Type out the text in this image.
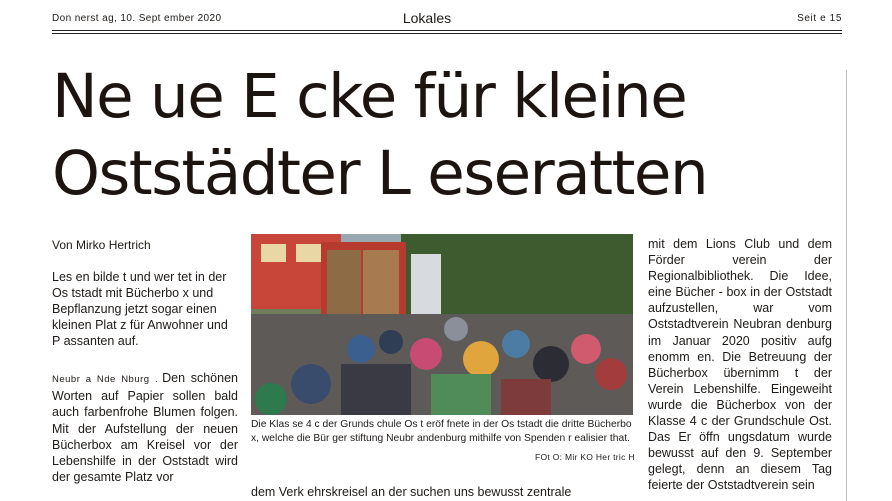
Don nerst ag, 10. Sept ember 2020	Lokales	Seit e 15
Ne ue E cke für kleine Oststädter L eseratten
Von Mirko Hertrich

Les en bilde t und wer tet in der Os tstadt mit Bücherbo x und Bepflanzung jetzt sogar einen kleinen Plat z für Anwohner und P assanten auf.

Neubr a Nde Nburg . Den schönen Worten auf Papier sollen bald auch farbenfrohe Blumen folgen. Mit der Aufstellung der neuen Bücherbox am Kreisel vor der Lebenshilfe in der Oststadt wird der gesamte Platz vor

Die Klas se 4 c der Grunds chule Os t eröf fnete in der Os tstadt die dritte Bücherbo x, welche die Bür ger stiftung Neubr andenburg mithilfe von Spenden r ealisier that.

FOt O: Mir KO Her tric H

dem Verk ehrskreisel an der suchen uns bewusst zentrale

mit dem Lions Club und dem Förder verein der Regionalbibliothek. Die Idee, eine Bücher - box in der Oststadt aufzustellen, war vom Oststadtverein Neubran denburg im Januar 2020 positiv aufg enomm en. Die Betreuung der Bücherbox übernimm t der Verein Lebenshilfe. Eingeweiht wurde die Bücherbox von der Klasse 4 c der Grundschule Ost. Das Er öffn ungsdatum wurde bewusst auf den 9. September gelegt, denn an diesem Tag feierte der Oststadtverein sein
